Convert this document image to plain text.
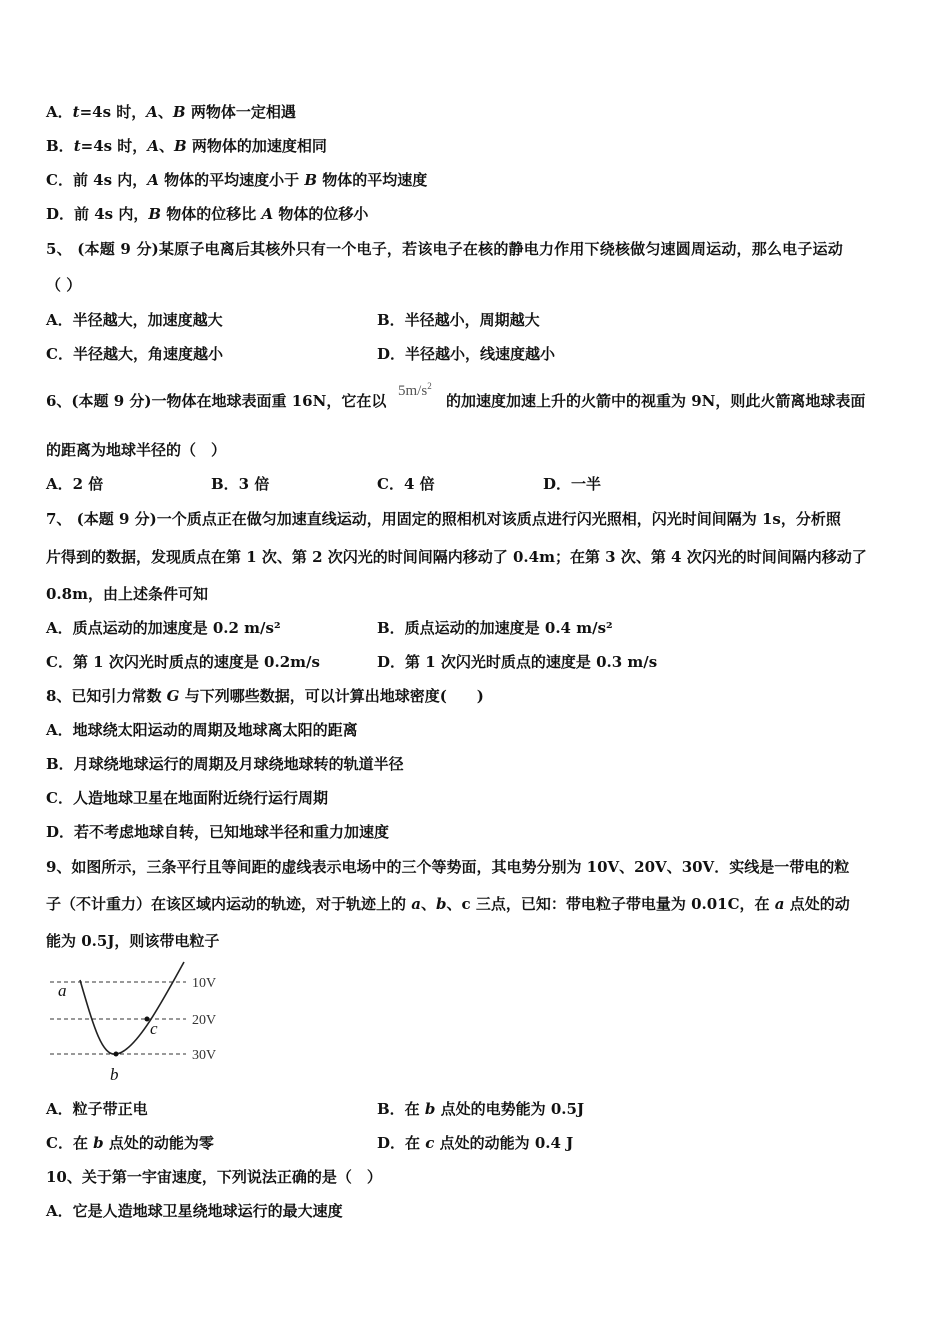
A．t=4s 时，A、B 两物体一定相遇
B．t=4s 时，A、B 两物体的加速度相同
C．前 4s 内，A 物体的平均速度小于 B 物体的平均速度
D．前 4s 内，B 物体的位移比 A 物体的位移小
5、 (本题 9 分)某原子电离后其核外只有一个电子，若该电子在核的静电力作用下绕核做匀速圆周运动，那么电子运动
（ ）
A．半径越大，加速度越大	B．半径越小，周期越大
C．半径越大，角速度越小	D．半径越小，线速度越小
6、(本题 9 分)一物体在地球表面重 16N，它在以
$5m/s^2$
的加速度加速上升的火箭中的视重为 9N，则此火箭离地球表面
的距离为地球半径的（　）
A．2 倍	B．3 倍	C．4 倍	D．一半
7、 (本题 9 分)一个质点正在做匀加速直线运动，用固定的照相机对该质点进行闪光照相，闪光时间间隔为 1s，分析照
片得到的数据，发现质点在第 1 次、第 2 次闪光的时间间隔内移动了 0.4m；在第 3 次、第 4 次闪光的时间间隔内移动了
0.8m，由上述条件可知
A．质点运动的加速度是 0.2 m/s²	B．质点运动的加速度是 0.4 m/s²
C．第 1 次闪光时质点的速度是 0.2m/s	D．第 1 次闪光时质点的速度是 0.3 m/s
8、已知引力常数 G 与下列哪些数据，可以计算出地球密度(　　)
A．地球绕太阳运动的周期及地球离太阳的距离
B．月球绕地球运行的周期及月球绕地球转的轨道半径
C．人造地球卫星在地面附近绕行运行周期
D．若不考虑地球自转，已知地球半径和重力加速度
9、如图所示，三条平行且等间距的虚线表示电场中的三个等势面，其电势分别为 10V、20V、30V．实线是一带电的粒
子（不计重力）在该区域内运动的轨迹，对于轨迹上的 a、b、c 三点，已知：带电粒子带电量为 0.01C，在 a 点处的动
能为 0.5J，则该带电粒子
a
b
c
10V
20V
30V
A．粒子带正电	B．在 b 点处的电势能为 0.5J
C．在 b 点处的动能为零	D．在 c 点处的动能为 0.4 J
10、关于第一宇宙速度，下列说法正确的是（　）
A．它是人造地球卫星绕地球运行的最大速度
